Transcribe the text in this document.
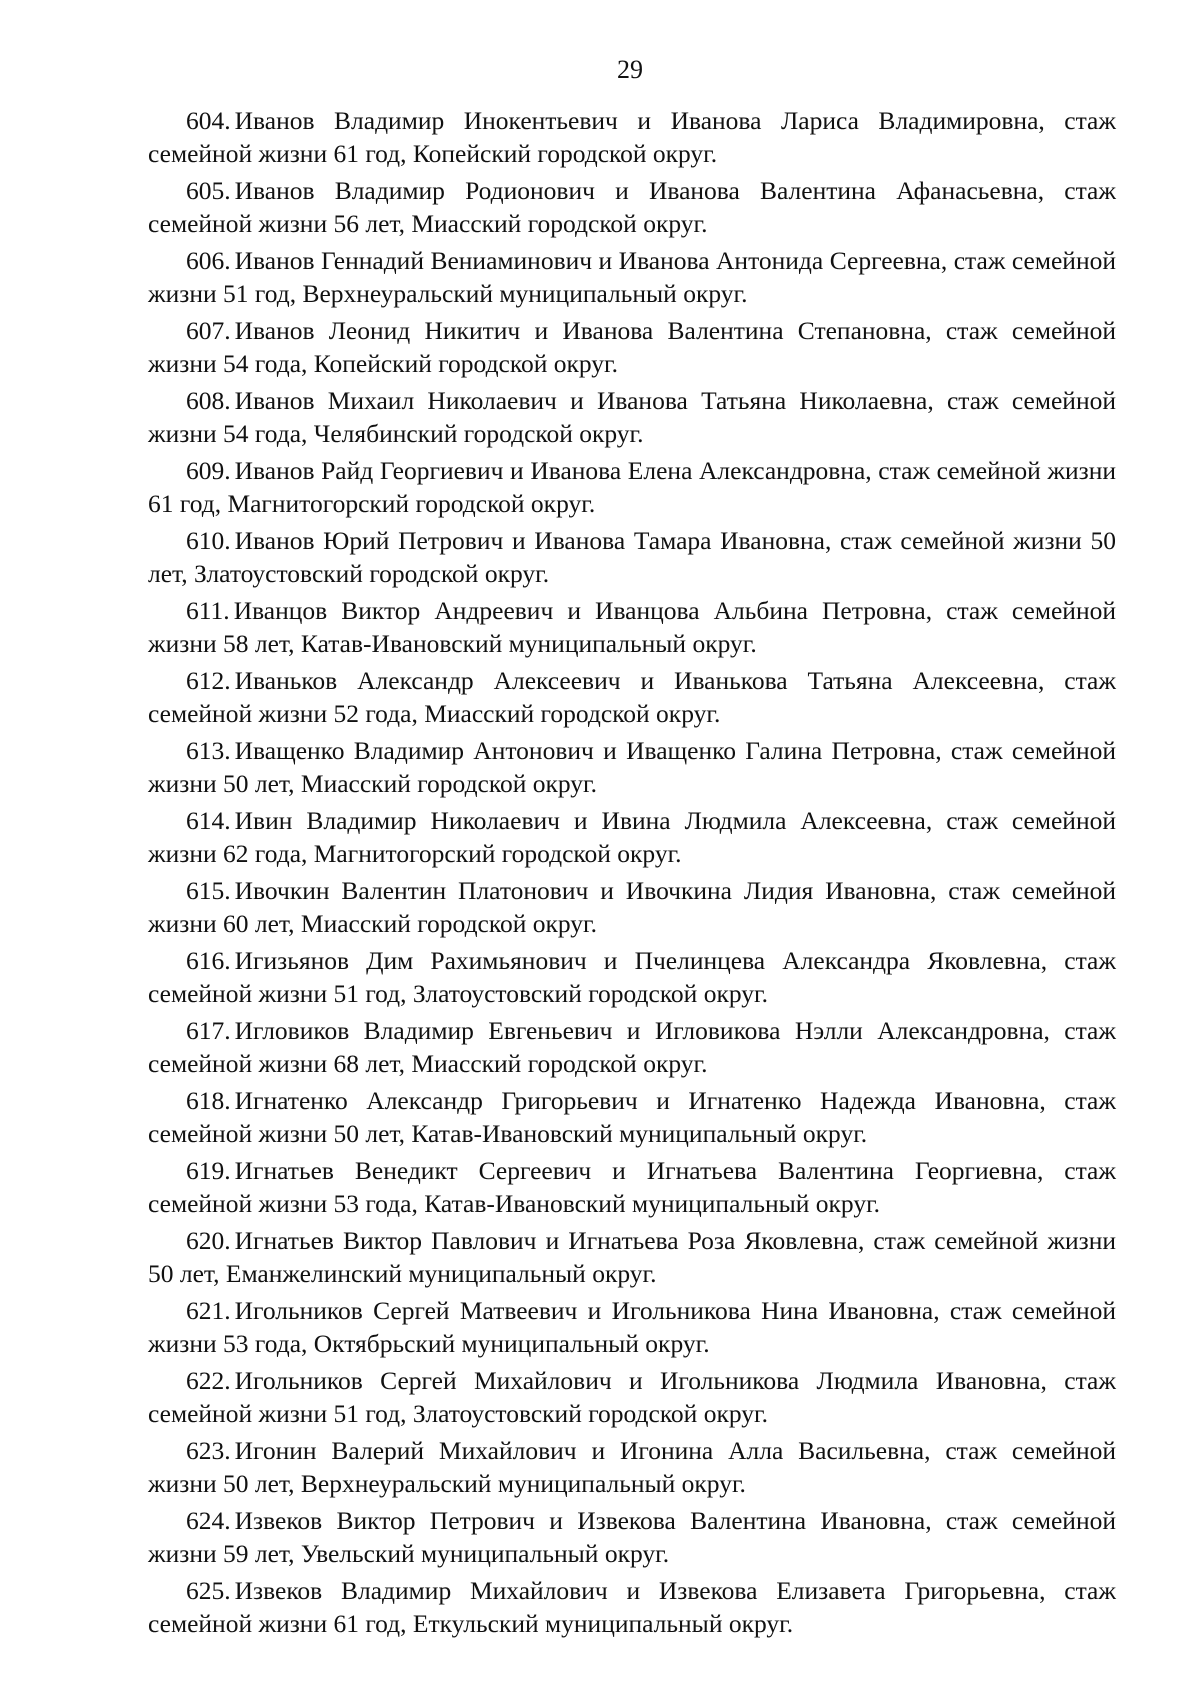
29

604. Иванов Владимир Инокентьевич и Иванова Лариса Владимировна, стаж семейной жизни 61 год, Копейский городской округ.

605. Иванов Владимир Родионович и Иванова Валентина Афанасьевна, стаж семейной жизни 56 лет, Миасский городской округ.

606. Иванов Геннадий Вениаминович и Иванова Антонида Сергеевна, стаж семейной жизни 51 год, Верхнеуральский муниципальный округ.

607. Иванов Леонид Никитич и Иванова Валентина Степановна, стаж семейной жизни 54 года, Копейский городской округ.

608. Иванов Михаил Николаевич и Иванова Татьяна Николаевна, стаж семейной жизни 54 года, Челябинский городской округ.

609. Иванов Райд Георгиевич и Иванова Елена Александровна, стаж семейной жизни 61 год, Магнитогорский городской округ.

610. Иванов Юрий Петрович и Иванова Тамара Ивановна, стаж семейной жизни 50 лет, Златоустовский городской округ.

611. Иванцов Виктор Андреевич и Иванцова Альбина Петровна, стаж семейной жизни 58 лет, Катав-Ивановский муниципальный округ.

612. Иваньков Александр Алексеевич и Иванькова Татьяна Алексеевна, стаж семейной жизни 52 года, Миасский городской округ.

613. Иващенко Владимир Антонович и Иващенко Галина Петровна, стаж семейной жизни 50 лет, Миасский городской округ.

614. Ивин Владимир Николаевич и Ивина Людмила Алексеевна, стаж семейной жизни 62 года, Магнитогорский городской округ.

615. Ивочкин Валентин Платонович и Ивочкина Лидия Ивановна, стаж семейной жизни 60 лет, Миасский городской округ.

616. Игизьянов Дим Рахимьянович и Пчелинцева Александра Яковлевна, стаж семейной жизни 51 год, Златоустовский городской округ.

617. Игловиков Владимир Евгеньевич и Игловикова Нэлли Александровна, стаж семейной жизни 68 лет, Миасский городской округ.

618. Игнатенко Александр Григорьевич и Игнатенко Надежда Ивановна, стаж семейной жизни 50 лет, Катав-Ивановский муниципальный округ.

619. Игнатьев Венедикт Сергеевич и Игнатьева Валентина Георгиевна, стаж семейной жизни 53 года, Катав-Ивановский муниципальный округ.

620. Игнатьев Виктор Павлович и Игнатьева Роза Яковлевна, стаж семейной жизни 50 лет, Еманжелинский муниципальный округ.

621. Игольников Сергей Матвеевич и Игольникова Нина Ивановна, стаж семейной жизни 53 года, Октябрьский муниципальный округ.

622. Игольников Сергей Михайлович и Игольникова Людмила Ивановна, стаж семейной жизни 51 год, Златоустовский городской округ.

623. Игонин Валерий Михайлович и Игонина Алла Васильевна, стаж семейной жизни 50 лет, Верхнеуральский муниципальный округ.

624. Извеков Виктор Петрович и Извекова Валентина Ивановна, стаж семейной жизни 59 лет, Увельский муниципальный округ.

625. Извеков Владимир Михайлович и Извекова Елизавета Григорьевна, стаж семейной жизни 61 год, Еткульский муниципальный округ.
